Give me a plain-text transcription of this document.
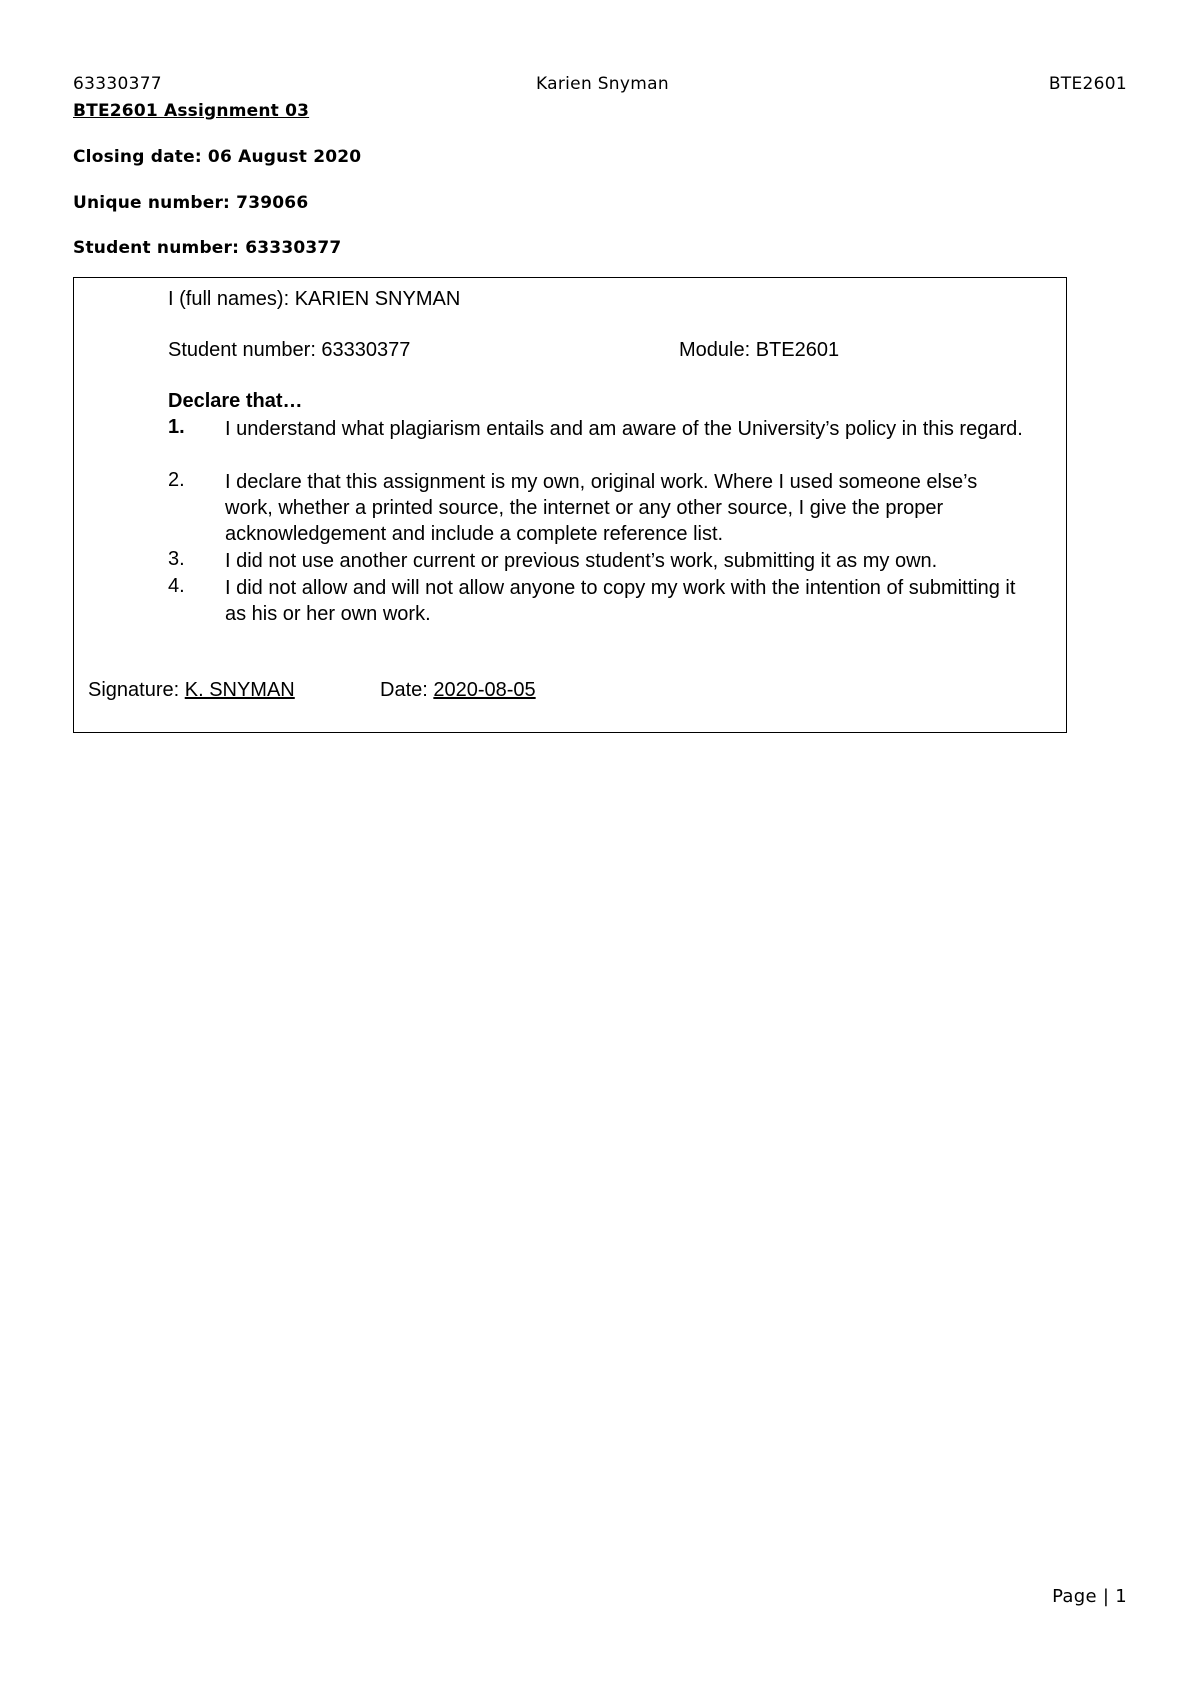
63330377	Karien Snyman	BTE2601
BTE2601 Assignment 03
Closing date: 06 August 2020
Unique number: 739066
Student number: 63330377
I (full names): KARIEN SNYMAN
Student number: 63330377	Module: BTE2601
Declare that…
1.	I understand what plagiarism entails and am aware of the University’s policy in this regard.
2.	I declare that this assignment is my own, original work. Where I used someone else’s work, whether a printed source, the internet or any other source, I give the proper acknowledgement and include a complete reference list.
3.	I did not use another current or previous student’s work, submitting it as my own.
4.	I did not allow and will not allow anyone to copy my work with the intention of submitting it as his or her own work.
Signature: K. SNYMAN	Date: 2020-08-05
Page | 1
